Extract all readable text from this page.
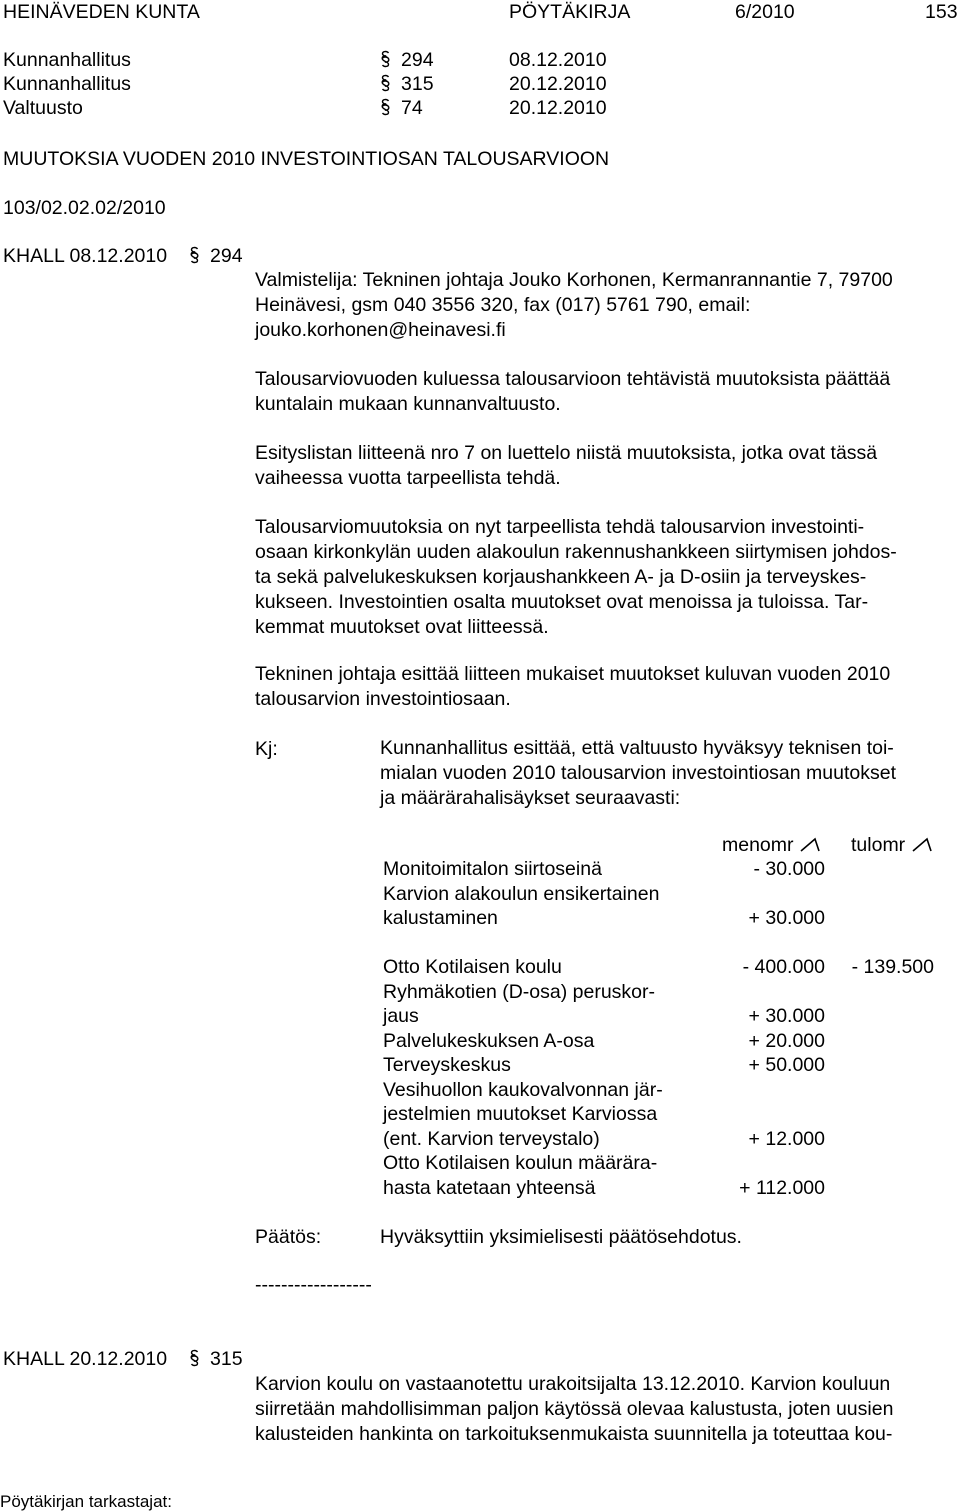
HEINÄVEDEN KUNTA	PÖYTÄKIRJA	6/2010	153
Kunnanhallitus	294	08.12.2010
Kunnanhallitus	315	20.12.2010
Valtuusto	74	20.12.2010
MUUTOKSIA VUODEN 2010 INVESTOINTIOSAN TALOUSARVIOON
103/02.02.02/2010
KHALL 08.12.2010 294
Valmistelija: Tekninen johtaja Jouko Korhonen, Kermanrannantie 7, 79700
Heinävesi, gsm 040 3556 320, fax (017) 5761 790, email:
jouko.korhonen@heinavesi.fi
Talousarviovuoden kuluessa talousarvioon tehtävistä muutoksista päättää
kuntalain mukaan kunnanvaltuusto.
Esityslistan liitteenä nro 7 on luettelo niistä muutoksista, jotka ovat tässä
vaiheessa vuotta tarpeellista tehdä.
Talousarviomuutoksia on nyt tarpeellista tehdä talousarvion investointi-
osaan kirkonkylän uuden alakoulun rakennushankkeen siirtymisen johdos-
ta sekä palvelukeskuksen korjaushankkeen A- ja D-osiin ja terveyskes-
kukseen. Investointien osalta muutokset ovat menoissa ja tuloissa. Tar-
kemmat muutokset ovat liitteessä.
Tekninen johtaja esittää liitteen mukaiset muutokset kuluvan vuoden 2010
talousarvion investointiosaan.
Kj:	Kunnanhallitus esittää, että valtuusto hyväksyy teknisen toi-
mialan vuoden 2010 talousarvion investointiosan muutokset
ja määrärahalisäykset seuraavasti:
menomr	tulomr
Monitoimitalon siirtoseinä	- 30.000
Karvion alakoulun ensikertainen
kalustaminen	+ 30.000
Otto Kotilaisen koulu	- 400.000 - 139.500
Ryhmäkotien (D-osa) peruskor-
jaus	+ 30.000
Palvelukeskuksen A-osa	+ 20.000
Terveyskeskus	+ 50.000
Vesihuollon kaukovalvonnan jär-
jestelmien muutokset Karviossa
(ent. Karvion terveystalo)	+ 12.000
Otto Kotilaisen koulun määrära-
hasta katetaan yhteensä	+ 112.000
Päätös:	Hyväksyttiin yksimielisesti päätösehdotus.
------------------
KHALL 20.12.2010 315
Karvion koulu on vastaanotettu urakoitsijalta 13.12.2010. Karvion kouluun
siirretään mahdollisimman paljon käytössä olevaa kalustusta, joten uusien
kalusteiden hankinta on tarkoituksenmukaista suunnitella ja toteuttaa kou-
Pöytäkirjan tarkastajat:
